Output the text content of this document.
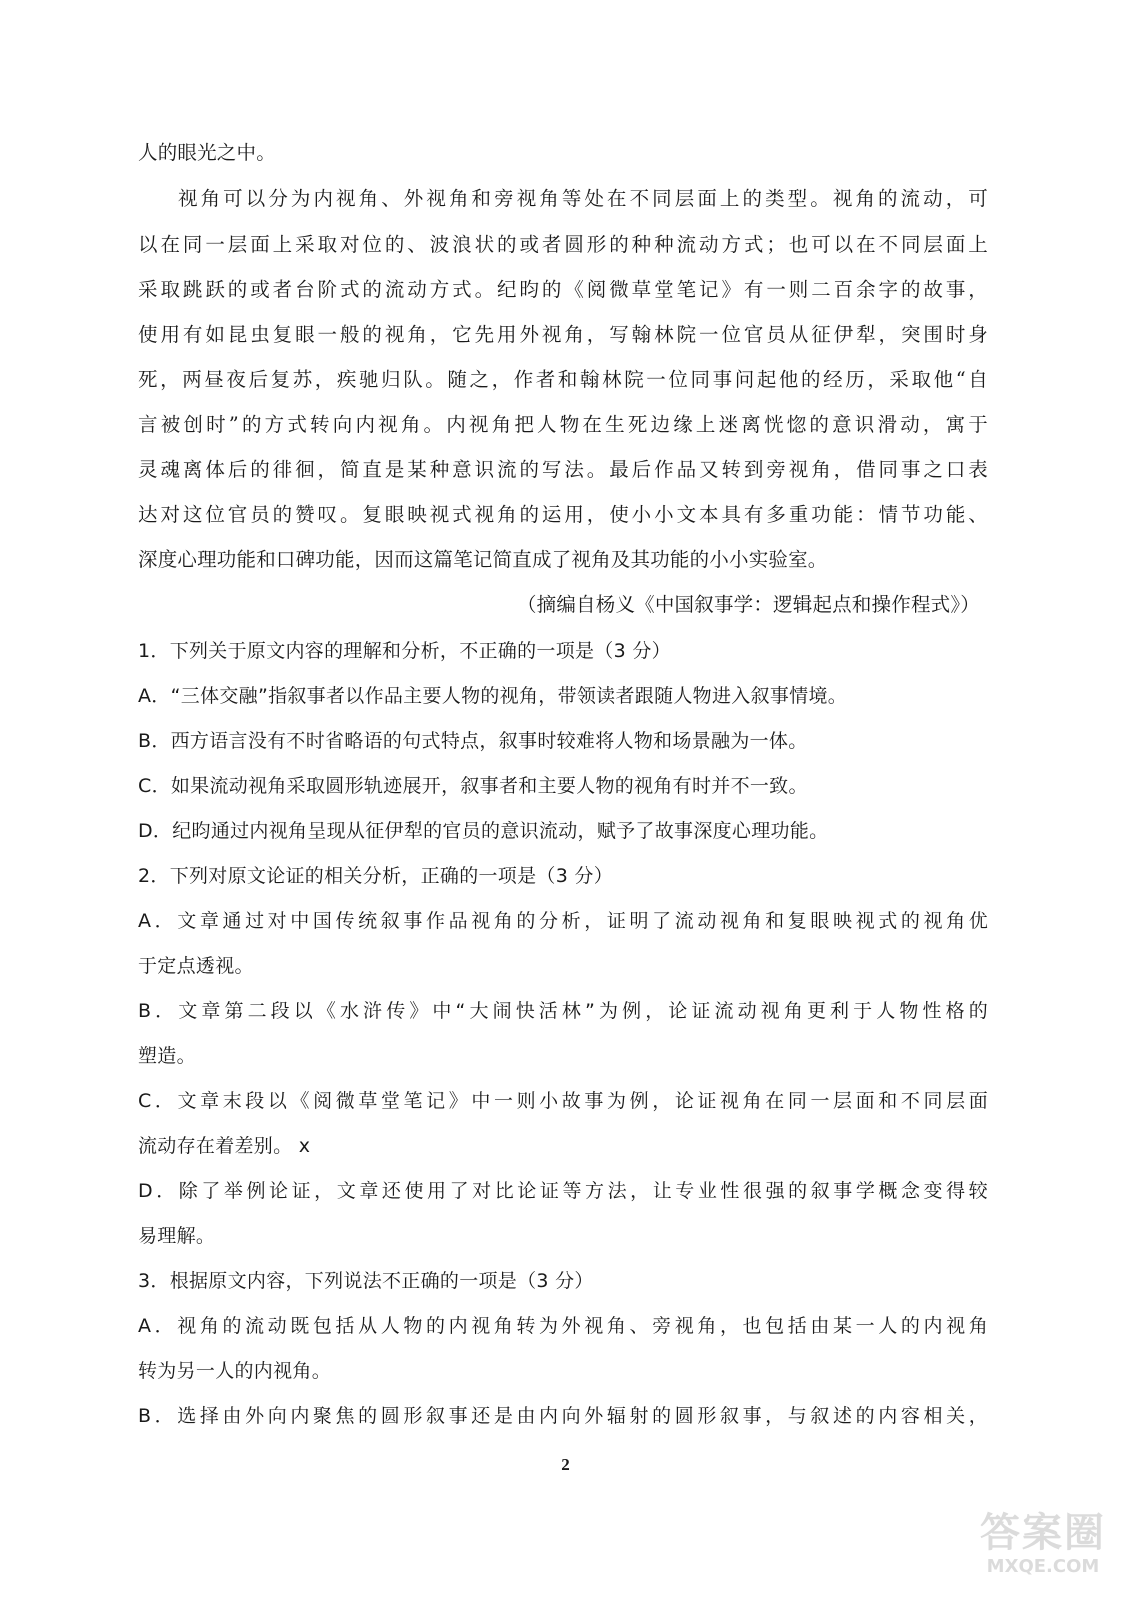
人的眼光之中。
视角可以分为内视角、外视角和旁视角等处在不同层面上的类型。视角的流动，可
以在同一层面上采取对位的、波浪状的或者圆形的种种流动方式；也可以在不同层面上
采取跳跃的或者台阶式的流动方式。纪昀的《阅微草堂笔记》有一则二百余字的故事，
使用有如昆虫复眼一般的视角，它先用外视角，写翰林院一位官员从征伊犁，突围时身
死，两昼夜后复苏，疾驰归队。随之，作者和翰林院一位同事问起他的经历，采取他“自
言被创时”的方式转向内视角。内视角把人物在生死边缘上迷离恍惚的意识滑动，寓于
灵魂离体后的徘徊，简直是某种意识流的写法。最后作品又转到旁视角，借同事之口表
达对这位官员的赞叹。复眼映视式视角的运用，使小小文本具有多重功能：情节功能、
深度心理功能和口碑功能，因而这篇笔记简直成了视角及其功能的小小实验室。
（摘编自杨义《中国叙事学：逻辑起点和操作程式》）
1．下列关于原文内容的理解和分析，不正确的一项是（3 分）
A．“三体交融”指叙事者以作品主要人物的视角，带领读者跟随人物进入叙事情境。
B．西方语言没有不时省略语的句式特点，叙事时较难将人物和场景融为一体。
C．如果流动视角采取圆形轨迹展开，叙事者和主要人物的视角有时并不一致。
D．纪昀通过内视角呈现从征伊犁的官员的意识流动，赋予了故事深度心理功能。
2．下列对原文论证的相关分析，正确的一项是（3 分）
A．文章通过对中国传统叙事作品视角的分析，证明了流动视角和复眼映视式的视角优
于定点透视。
B．文章第二段以《水浒传》中“大闹快活林”为例，论证流动视角更利于人物性格的
塑造。
C．文章末段以《阅微草堂笔记》中一则小故事为例，论证视角在同一层面和不同层面
流动存在着差别。 x
D．除了举例论证，文章还使用了对比论证等方法，让专业性很强的叙事学概念变得较
易理解。
3．根据原文内容，下列说法不正确的一项是（3 分）
A．视角的流动既包括从人物的内视角转为外视角、旁视角，也包括由某一人的内视角
转为另一人的内视角。
B．选择由外向内聚焦的圆形叙事还是由内向外辐射的圆形叙事，与叙述的内容相关，
2
答案圈
MXQE.COM
